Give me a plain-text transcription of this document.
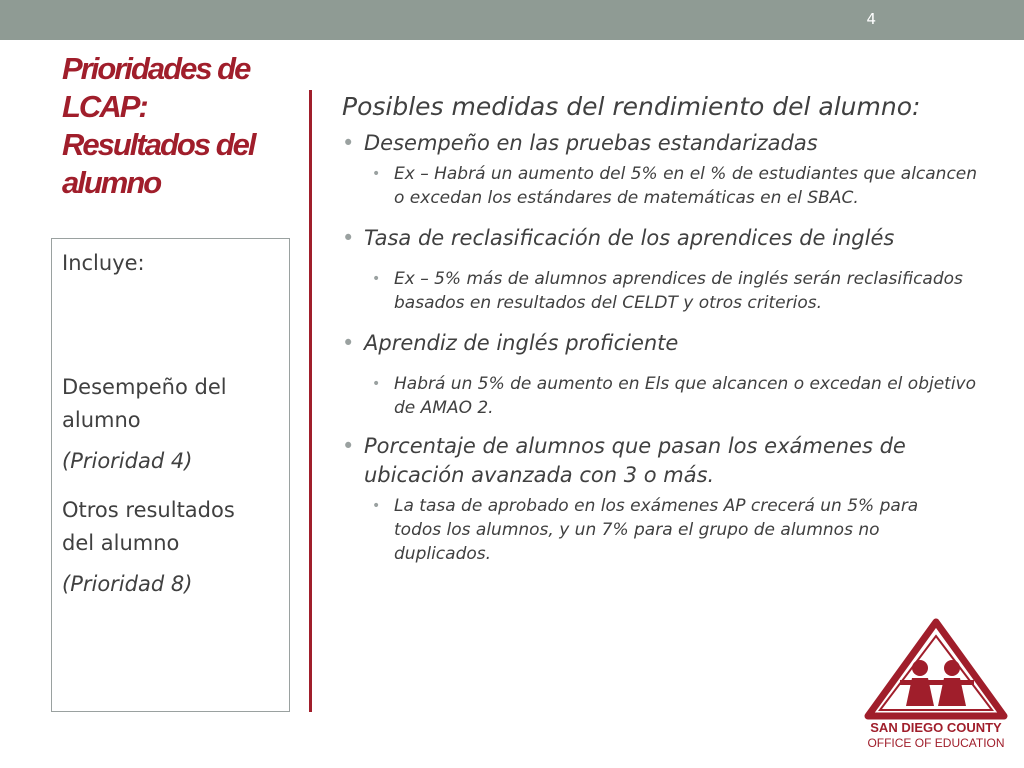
4
Prioridades de
LCAP:
Resultados del
alumno
Incluye:
Desempeño del
alumno
(Prioridad 4)
Otros resultados
del alumno
(Prioridad 8)
Posibles medidas del rendimiento del alumno:
• Desempeño en las pruebas estandarizadas
• Ex – Habrá un aumento del 5% en el % de estudiantes que alcancen o excedan los estándares de matemáticas en el SBAC.
• Tasa de reclasificación de los aprendices de inglés
• Ex – 5% más de alumnos aprendices de inglés serán reclasificados basados en resultados del CELDT y otros criterios.
• Aprendiz de inglés proficiente
• Habrá un 5% de aumento en Els que alcancen o excedan el objetivo de AMAO 2.
• Porcentaje de alumnos que pasan los exámenes de ubicación avanzada con 3 o más.
• La tasa de aprobado en los exámenes AP crecerá un 5% para todos los alumnos, y un 7% para el grupo de alumnos no duplicados.
SAN DIEGO COUNTY
OFFICE OF EDUCATION
